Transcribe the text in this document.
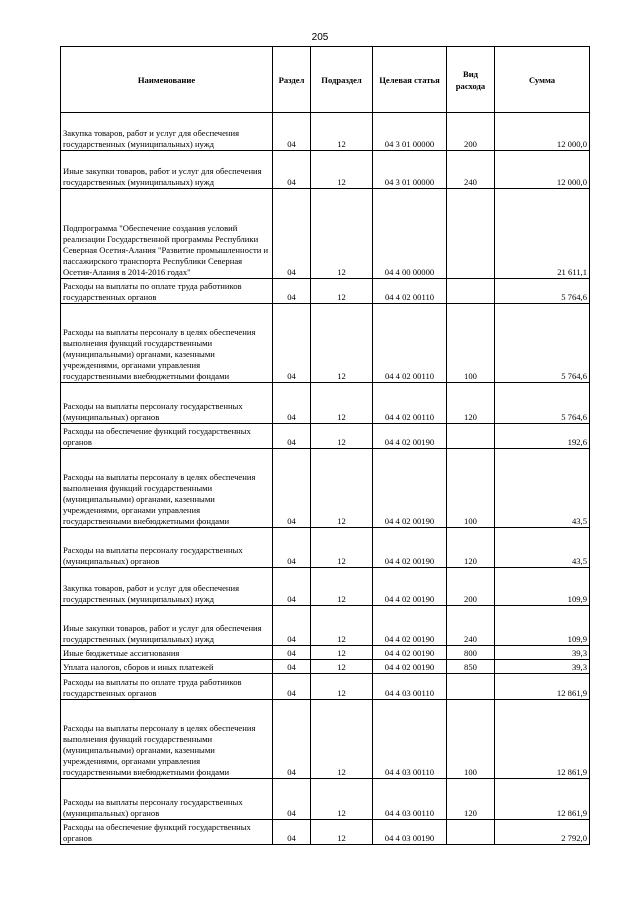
205
Наименование	Раздел	Подраздел	Целевая статья	Вид расхода	Сумма
Закупка товаров, работ и услуг для обеспечения государственных (муниципальных) нужд	04	12	04 3 01 00000	200	12 000,0
Иные закупки товаров, работ и услуг для обеспечения государственных (муниципальных) нужд	04	12	04 3 01 00000	240	12 000,0
Подпрограмма "Обеспечение создания условий реализации Государственной программы Республики Северная Осетия-Алания "Развитие промышленности и пассажирского транспорта Республики Северная Осетия-Алания в 2014-2016 годах"	04	12	04 4 00 00000		21 611,1
Расходы на выплаты по оплате труда работников государственных органов	04	12	04 4 02 00110		5 764,6
Расходы на выплаты персоналу в целях обеспечения выполнения функций государственными (муниципальными) органами, казенными учреждениями, органами управления государственными внебюджетными фондами	04	12	04 4 02 00110	100	5 764,6
Расходы на выплаты персоналу государственных (муниципальных) органов	04	12	04 4 02 00110	120	5 764,6
Расходы на обеспечение функций государственных органов	04	12	04 4 02 00190		192,6
Расходы на выплаты персоналу в целях обеспечения выполнения функций государственными (муниципальными) органами, казенными учреждениями, органами управления государственными внебюджетными фондами	04	12	04 4 02 00190	100	43,5
Расходы на выплаты персоналу государственных (муниципальных) органов	04	12	04 4 02 00190	120	43,5
Закупка товаров, работ и услуг для обеспечения государственных (муниципальных) нужд	04	12	04 4 02 00190	200	109,9
Иные закупки товаров, работ и услуг для обеспечения государственных (муниципальных) нужд	04	12	04 4 02 00190	240	109,9
Иные бюджетные ассигнования	04	12	04 4 02 00190	800	39,3
Уплата налогов, сборов и иных платежей	04	12	04 4 02 00190	850	39,3
Расходы на выплаты по оплате труда работников государственных органов	04	12	04 4 03 00110		12 861,9
Расходы на выплаты персоналу в целях обеспечения выполнения функций государственными (муниципальными) органами, казенными учреждениями, органами управления государственными внебюджетными фондами	04	12	04 4 03 00110	100	12 861,9
Расходы на выплаты персоналу государственных (муниципальных) органов	04	12	04 4 03 00110	120	12 861,9
Расходы на обеспечение функций государственных органов	04	12	04 4 03 00190		2 792,0
